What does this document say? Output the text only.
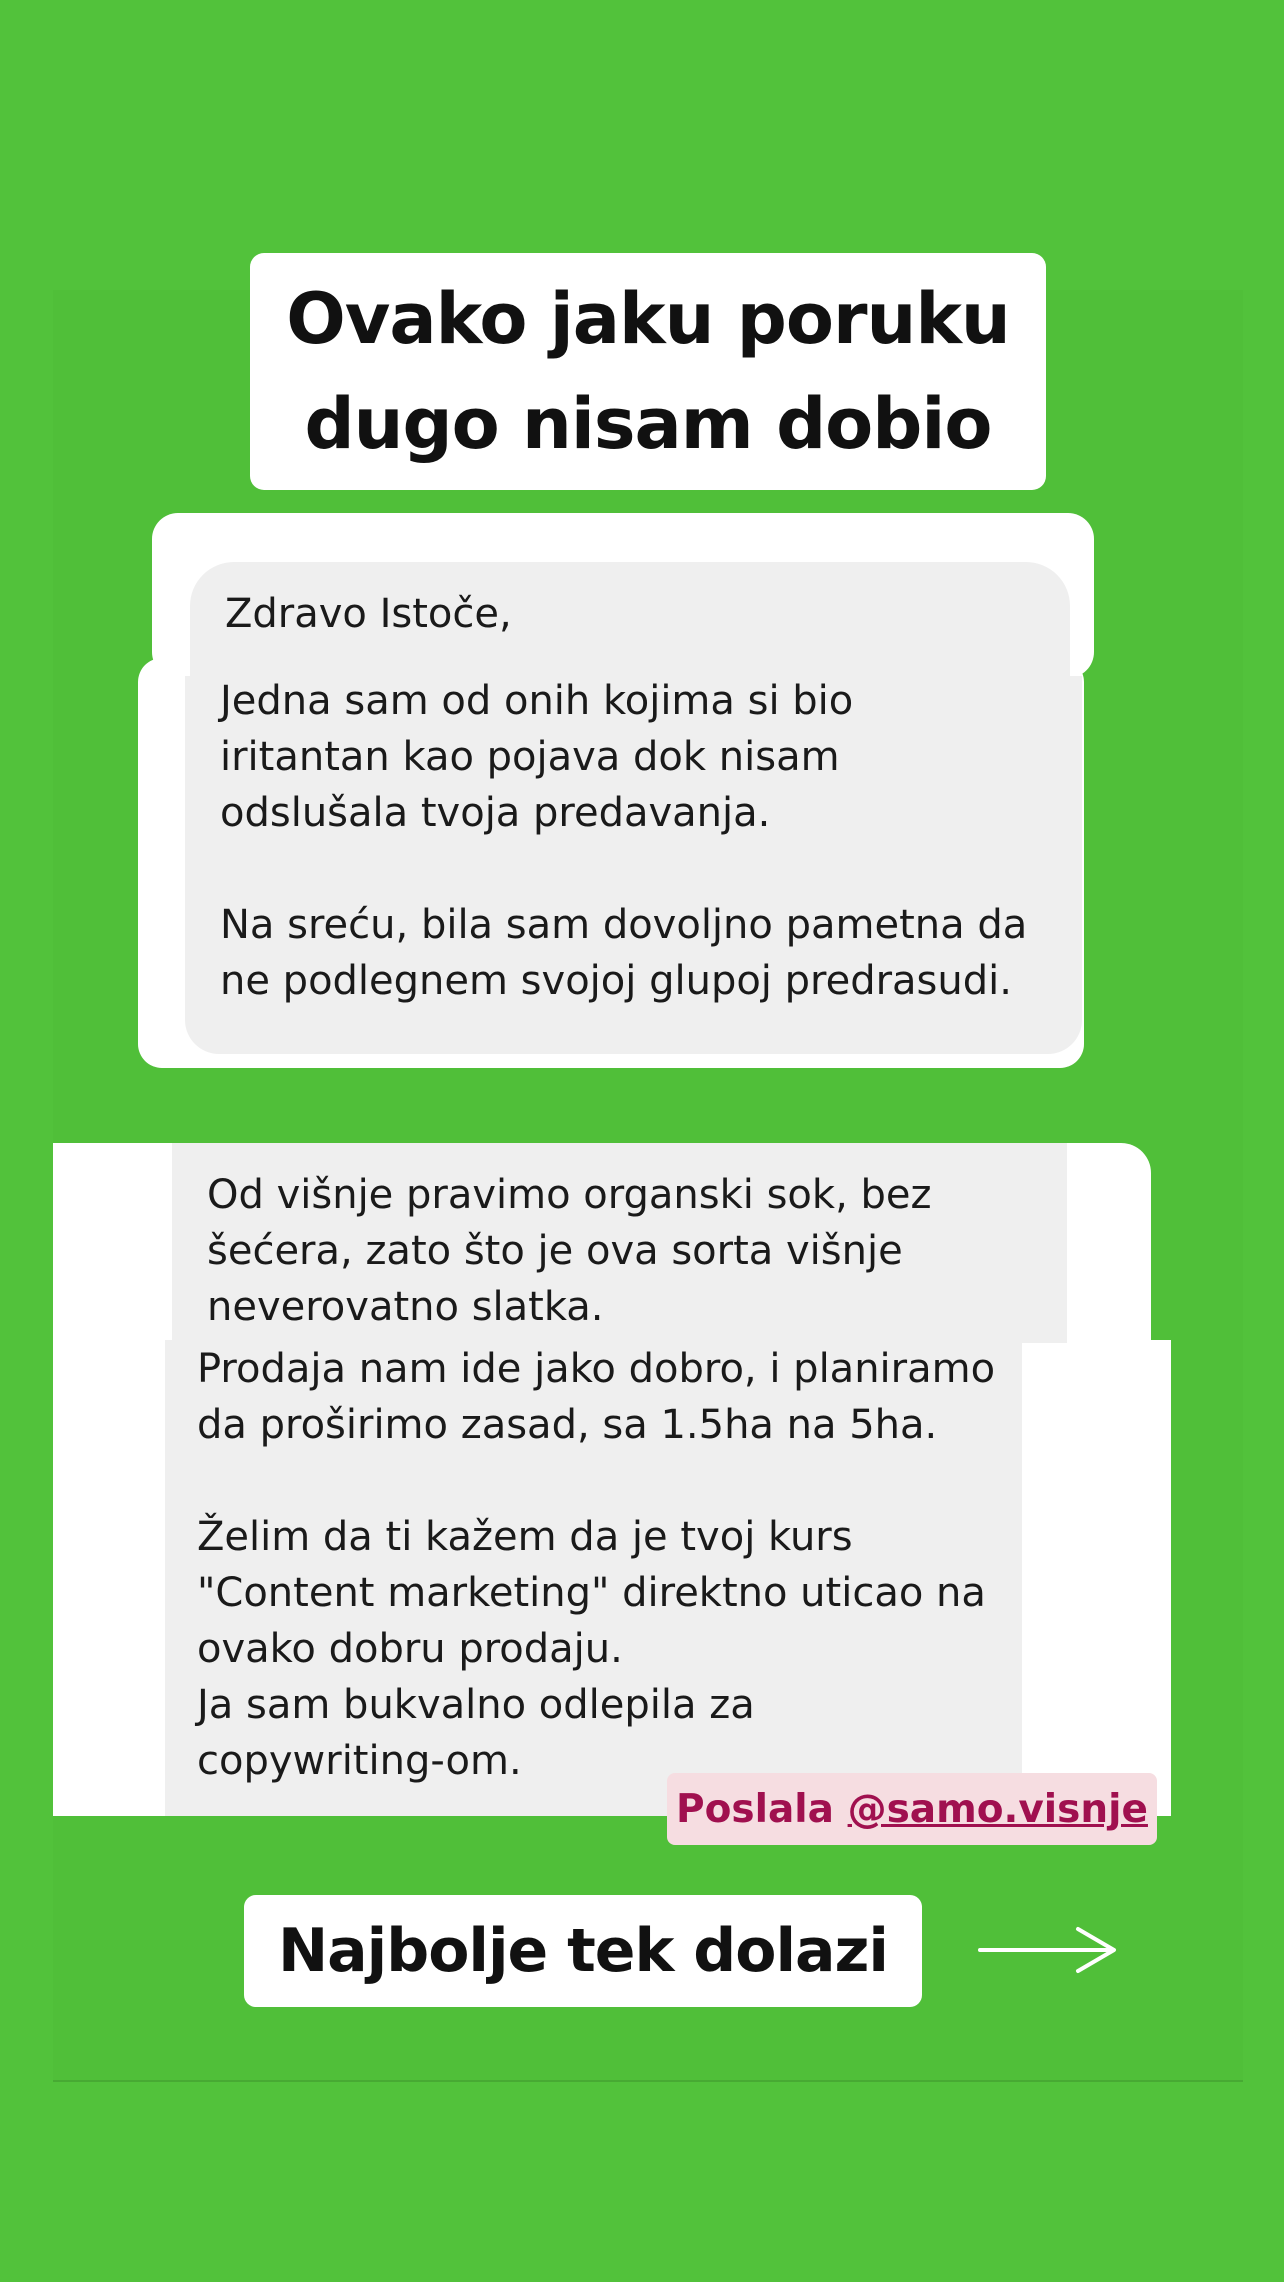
Ovako jaku poruku
dugo nisam dobio

Zdravo Istoče,

Jedna sam od onih kojima si bio
iritantan kao pojava dok nisam
odslušala tvoja predavanja.

Na sreću, bila sam dovoljno pametna da
ne podlegnem svojoj glupoj predrasudi.

Od višnje pravimo organski sok, bez
šećera, zato što je ova sorta višnje
neverovatno slatka.

Prodaja nam ide jako dobro, i planiramo
da proširimo zasad, sa 1.5ha na 5ha.

Želim da ti kažem da je tvoj kurs
"Content marketing" direktno uticao na
ovako dobru prodaju.
Ja sam bukvalno odlepila za
copywriting-om.

Poslala @samo.visnje
Najbolje tek dolazi
